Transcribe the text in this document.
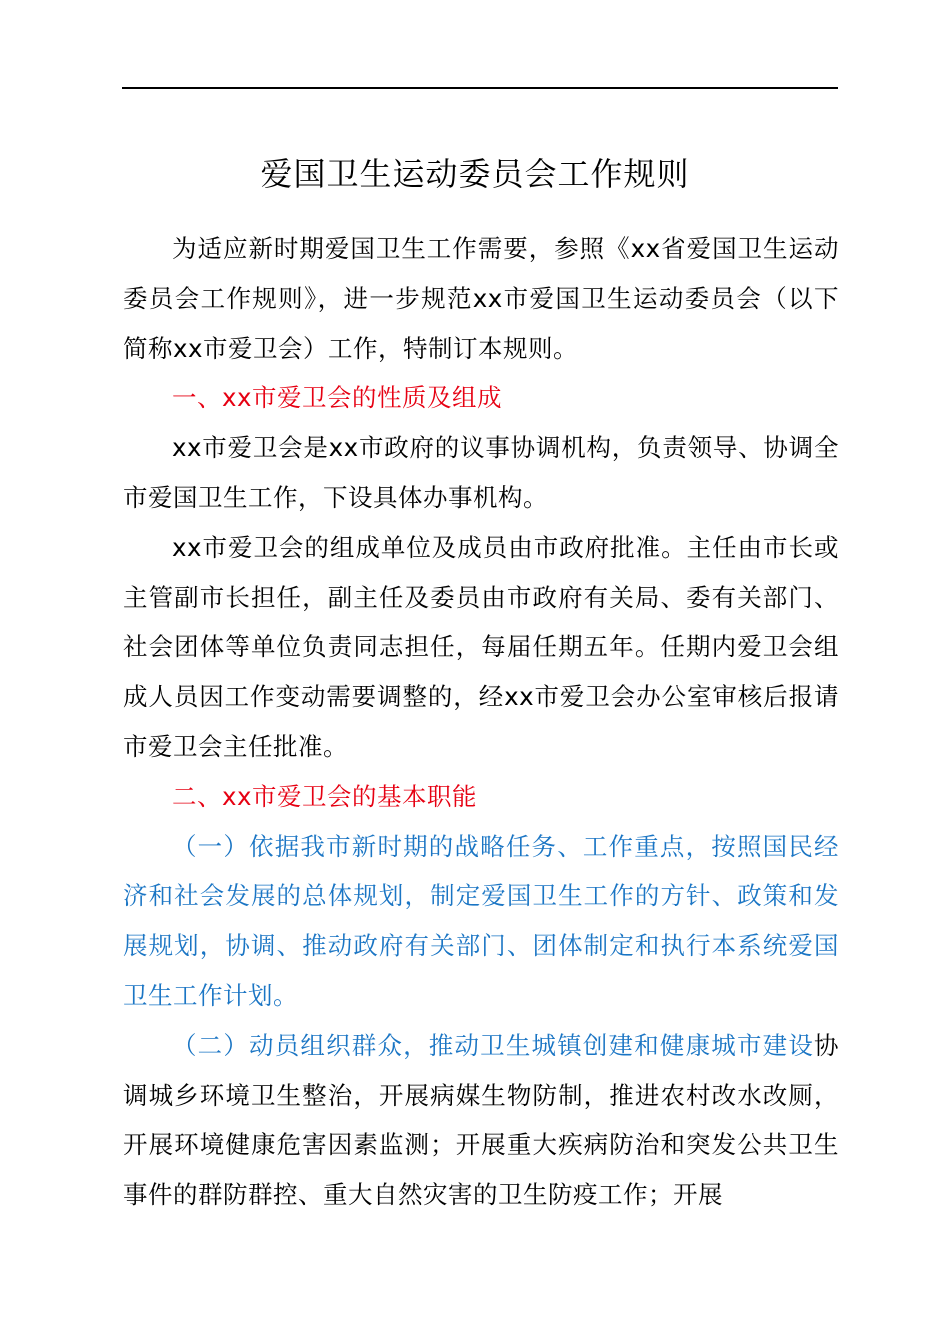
爱国卫生运动委员会工作规则

为适应新时期爱国卫生工作需要，参照《xx省爱国卫生运动委员会工作规则》，进一步规范xx市爱国卫生运动委员会（以下简称xx市爱卫会）工作，特制订本规则。

一、xx市爱卫会的性质及组成

xx市爱卫会是xx市政府的议事协调机构，负责领导、协调全市爱国卫生工作，下设具体办事机构。

xx市爱卫会的组成单位及成员由市政府批准。主任由市长或主管副市长担任，副主任及委员由市政府有关局、委有关部门、社会团体等单位负责同志担任，每届任期五年。任期内爱卫会组成人员因工作变动需要调整的，经xx市爱卫会办公室审核后报请市爱卫会主任批准。

二、xx市爱卫会的基本职能

（一）依据我市新时期的战略任务、工作重点，按照国民经济和社会发展的总体规划，制定爱国卫生工作的方针、政策和发展规划，协调、推动政府有关部门、团体制定和执行本系统爱国卫生工作计划。

（二）动员组织群众，推动卫生城镇创建和健康城市建设协调城乡环境卫生整治，开展病媒生物防制，推进农村改水改厕，开展环境健康危害因素监测；开展重大疾病防治和突发公共卫生事件的群防群控、重大自然灾害的卫生防疫工作；开展
